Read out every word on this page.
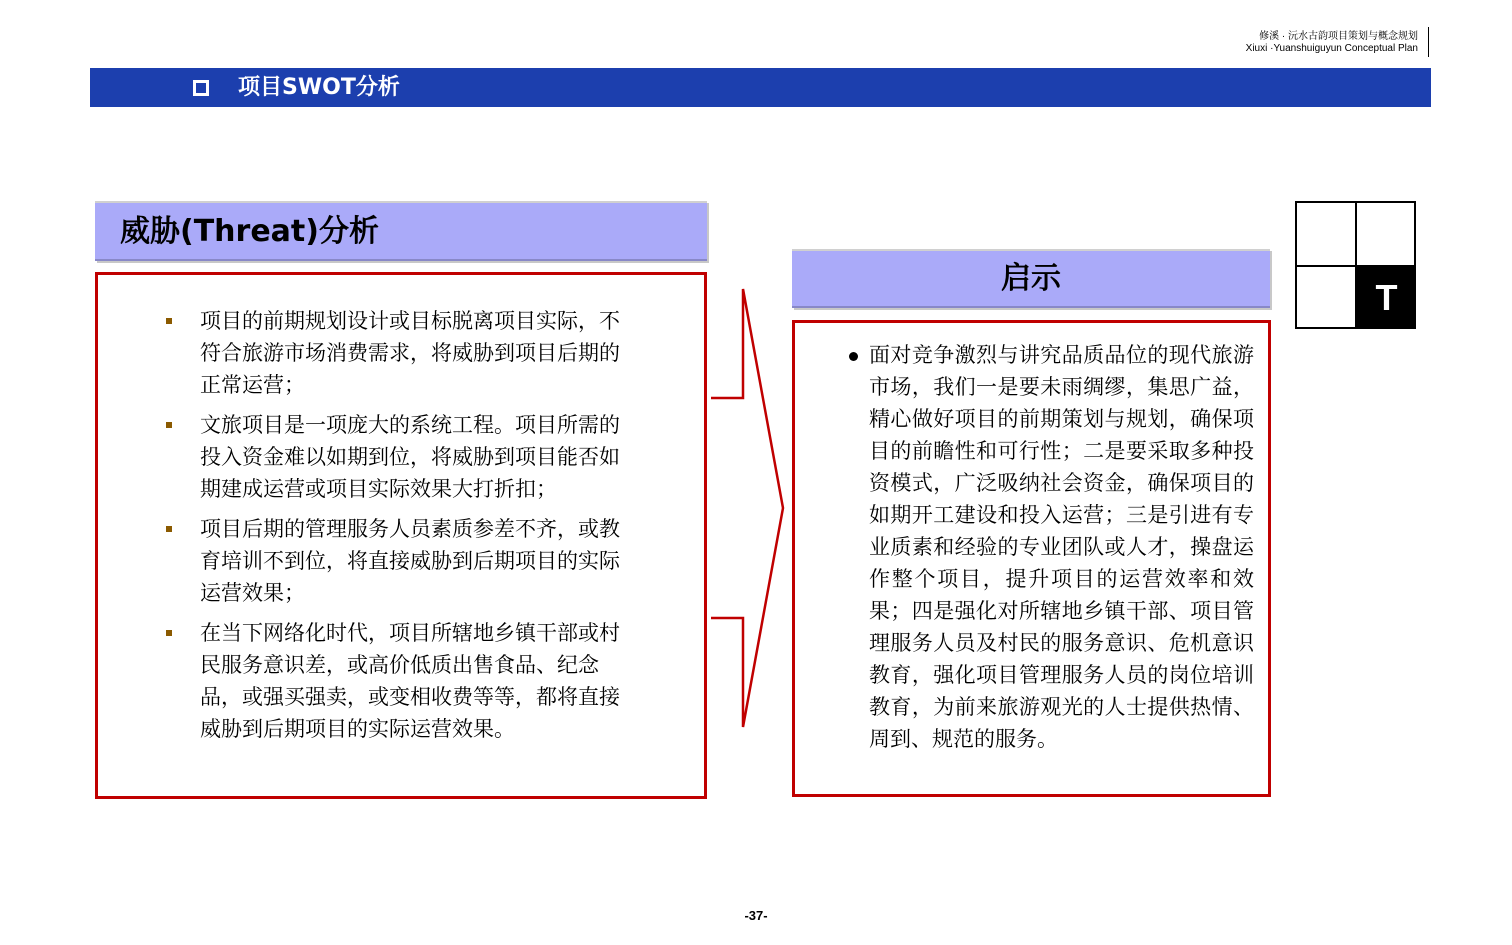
修溪 · 沅水古韵项目策划与概念规划
Xiuxi ·Yuanshuiguyun Conceptual Plan
项目SWOT分析
威胁(Threat)分析
项目的前期规划设计或目标脱离项目实际，不符合旅游市场消费需求，将威胁到项目后期的正常运营；
文旅项目是一项庞大的系统工程。项目所需的投入资金难以如期到位，将威胁到项目能否如期建成运营或项目实际效果大打折扣；
项目后期的管理服务人员素质参差不齐，或教育培训不到位，将直接威胁到后期项目的实际运营效果；
在当下网络化时代，项目所辖地乡镇干部或村民服务意识差，或高价低质出售食品、纪念品，或强买强卖，或变相收费等等，都将直接威胁到后期项目的实际运营效果。
启示
面对竞争激烈与讲究品质品位的现代旅游市场，我们一是要未雨绸缪，集思广益，精心做好项目的前期策划与规划，确保项目的前瞻性和可行性；二是要采取多种投资模式，广泛吸纳社会资金，确保项目的如期开工建设和投入运营；三是引进有专业质素和经验的专业团队或人才，操盘运作整个项目，提升项目的运营效率和效果；四是强化对所辖地乡镇干部、项目管理服务人员及村民的服务意识、危机意识教育，强化项目管理服务人员的岗位培训教育，为前来旅游观光的人士提供热情、周到、规范的服务。
T
-37-
